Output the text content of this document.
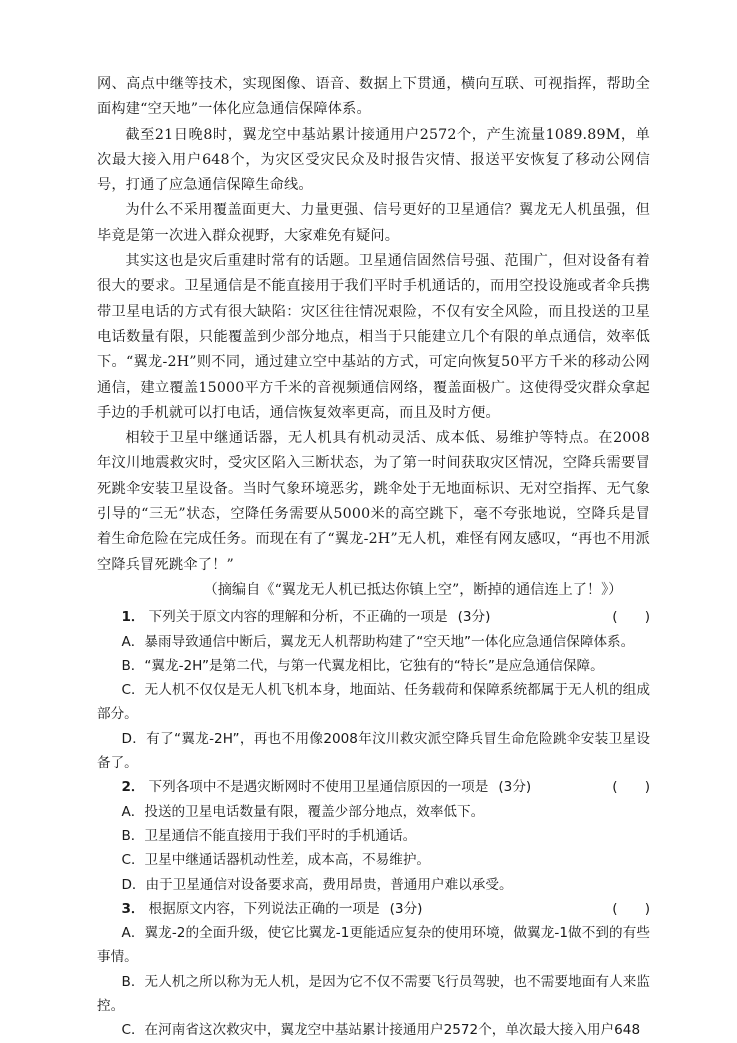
网、高点中继等技术，实现图像、语音、数据上下贯通，横向互联、可视指挥，帮助全面构建“空天地”一体化应急通信保障体系。

截至21日晚8时，翼龙空中基站累计接通用户2572个，产生流量1089.89M，单次最大接入用户648个，为灾区受灾民众及时报告灾情、报送平安恢复了移动公网信号，打通了应急通信保障生命线。

为什么不采用覆盖面更大、力量更强、信号更好的卫星通信？翼龙无人机虽强，但毕竟是第一次进入群众视野，大家难免有疑问。

其实这也是灾后重建时常有的话题。卫星通信固然信号强、范围广，但对设备有着很大的要求。卫星通信是不能直接用于我们平时手机通话的，而用空投设施或者伞兵携带卫星电话的方式有很大缺陷：灾区往往情况艰险，不仅有安全风险，而且投送的卫星电话数量有限，只能覆盖到少部分地点，相当于只能建立几个有限的单点通信，效率低下。“翼龙-2H”则不同，通过建立空中基站的方式，可定向恢复50平方千米的移动公网通信，建立覆盖15000平方千米的音视频通信网络，覆盖面极广。这使得受灾群众拿起手边的手机就可以打电话，通信恢复效率更高，而且及时方便。

相较于卫星中继通话器，无人机具有机动灵活、成本低、易维护等特点。在2008年汶川地震救灾时，受灾区陷入三断状态，为了第一时间获取灾区情况，空降兵需要冒死跳伞安装卫星设备。当时气象环境恶劣，跳伞处于无地面标识、无对空指挥、无气象引导的“三无”状态，空降任务需要从5000米的高空跳下，毫不夸张地说，空降兵是冒着生命危险在完成任务。而现在有了“翼龙-2H”无人机，难怪有网友感叹，“再也不用派空降兵冒死跳伞了！”

（摘编自《“翼龙无人机已抵达你镇上空”，断掉的通信连上了！》）

1． 下列关于原文内容的理解和分析，不正确的一项是 (3分)	(　　)

A．暴雨导致通信中断后，翼龙无人机帮助构建了“空天地”一体化应急通信保障体系。

B．“翼龙-2H”是第二代，与第一代翼龙相比，它独有的“特长”是应急通信保障。

C．无人机不仅仅是无人机飞机本身，地面站、任务载荷和保障系统都属于无人机的组成部分。

D．有了“翼龙-2H”，再也不用像2008年汶川救灾派空降兵冒生命危险跳伞安装卫星设备了。

2． 下列各项中不是遇灾断网时不使用卫星通信原因的一项是 (3分)	(　　)

A．投送的卫星电话数量有限，覆盖少部分地点，效率低下。

B．卫星通信不能直接用于我们平时的手机通话。

C．卫星中继通话器机动性差，成本高，不易维护。

D．由于卫星通信对设备要求高，费用昂贵，普通用户难以承受。

3． 根据原文内容，下列说法正确的一项是 (3分)	(　　)

A．翼龙-2的全面升级，使它比翼龙-1更能适应复杂的使用环境，做翼龙-1做不到的有些事情。

B．无人机之所以称为无人机，是因为它不仅不需要飞行员驾驶，也不需要地面有人来监控。

C．在河南省这次救灾中，翼龙空中基站累计接通用户2572个，单次最大接入用户648
